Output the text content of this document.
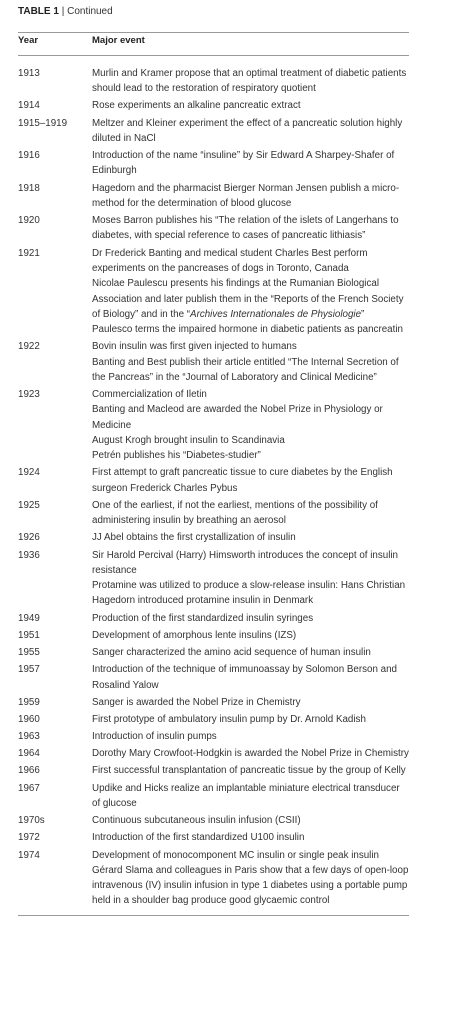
TABLE 1 | Continued
Year	Major event
1913	Murlin and Kramer propose that an optimal treatment of diabetic patients should lead to the restoration of respiratory quotient

1914	Rose experiments an alkaline pancreatic extract

1915–1919	Meltzer and Kleiner experiment the effect of a pancreatic solution highly diluted in NaCl

1916	Introduction of the name “insuline” by Sir Edward A Sharpey-Shafer of Edinburgh

1918	Hagedorn and the pharmacist Bierger Norman Jensen publish a micro-method for the determination of blood glucose

1920	Moses Barron publishes his “The relation of the islets of Langerhans to diabetes, with special reference to cases of pancreatic lithiasis”

1921	Dr Frederick Banting and medical student Charles Best perform experiments on the pancreases of dogs in Toronto, Canada

Nicolae Paulescu presents his findings at the Rumanian Biological Association and later publish them in the “Reports of the French Society of Biology” and in the “Archives Internationales de Physiologie”

Paulesco terms the impaired hormone in diabetic patients as pancreatin

1922	Bovin insulin was first given injected to humans

Banting and Best publish their article entitled “The Internal Secretion of the Pancreas” in the “Journal of Laboratory and Clinical Medicine”

1923	Commercialization of Iletin

Banting and Macleod are awarded the Nobel Prize in Physiology or Medicine

August Krogh brought insulin to Scandinavia

Petrén publishes his “Diabetes-studier”

1924	First attempt to graft pancreatic tissue to cure diabetes by the English surgeon Frederick Charles Pybus

1925	One of the earliest, if not the earliest, mentions of the possibility of administering insulin by breathing an aerosol

1926	JJ Abel obtains the first crystallization of insulin

1936	Sir Harold Percival (Harry) Himsworth introduces the concept of insulin resistance

Protamine was utilized to produce a slow-release insulin: Hans Christian Hagedorn introduced protamine insulin in Denmark

1949	Production of the first standardized insulin syringes

1951	Development of amorphous lente insulins (IZS)

1955	Sanger characterized the amino acid sequence of human insulin

1957	Introduction of the technique of immunoassay by Solomon Berson and Rosalind Yalow

1959	Sanger is awarded the Nobel Prize in Chemistry

1960	First prototype of ambulatory insulin pump by Dr. Arnold Kadish

1963	Introduction of insulin pumps

1964	Dorothy Mary Crowfoot-Hodgkin is awarded the Nobel Prize in Chemistry

1966	First successful transplantation of pancreatic tissue by the group of Kelly

1967	Updike and Hicks realize an implantable miniature electrical transducer of glucose

1970s	Continuous subcutaneous insulin infusion (CSII)

1972	Introduction of the first standardized U100 insulin

1974	Development of monocomponent MC insulin or single peak insulin

Gérard Slama and colleagues in Paris show that a few days of open-loop intravenous (IV) insulin infusion in type 1 diabetes using a portable pump held in a shoulder bag produce good glycaemic control
